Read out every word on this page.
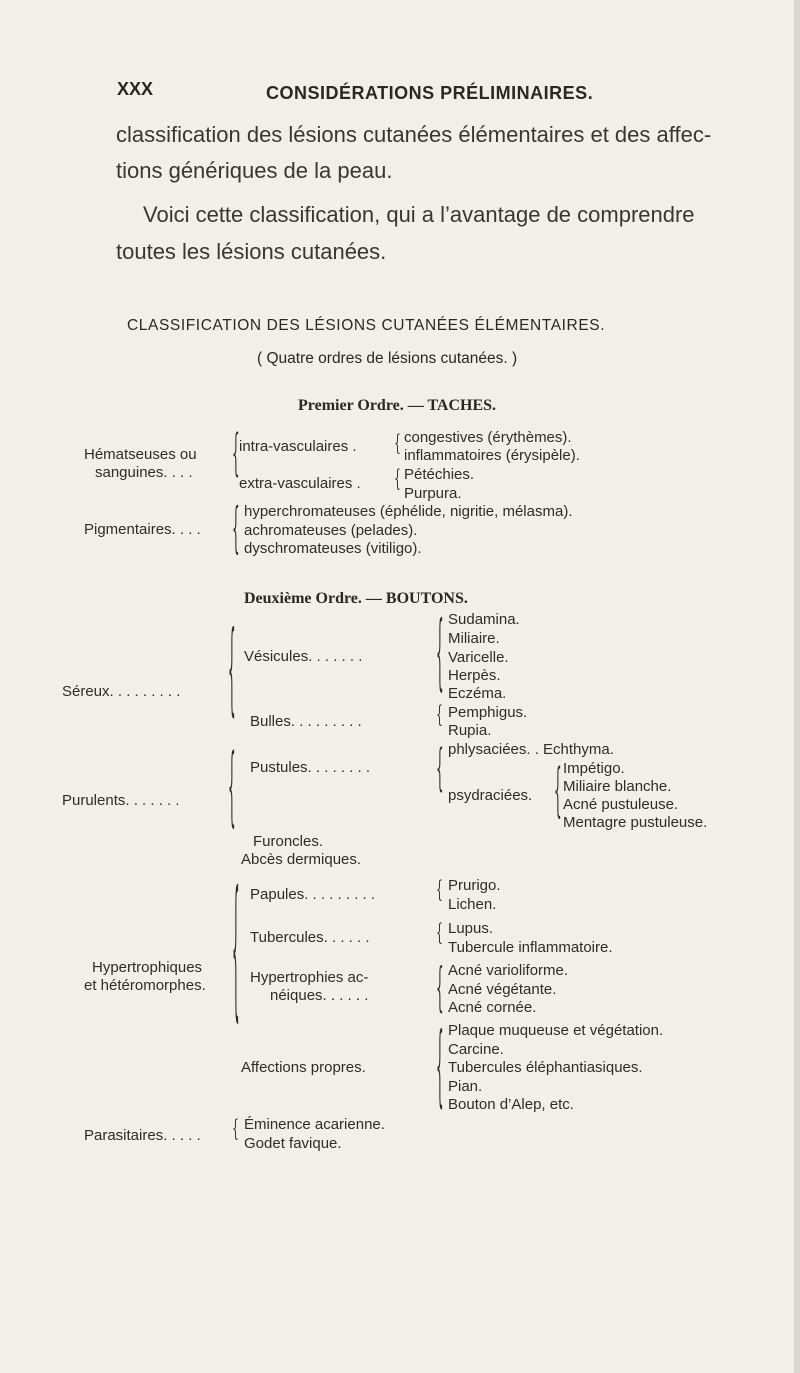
XXX	CONSIDÉRATIONS PRÉLIMINAIRES.
classification des lésions cutanées élémentaires et des affec-
tions génériques de la peau.
Voici cette classification, qui a l’avantage de comprendre
toutes les lésions cutanées.
CLASSIFICATION DES LÉSIONS CUTANÉES ÉLÉMENTAIRES.
( Quatre ordres de lésions cutanées. )
Premier Ordre. — TACHES.
Hématseuses ou
sanguines. . . . { intra-vasculaires . { congestives (érythèmes).
inflammatoires (érysipèle).
extra-vasculaires . { Pétéchies.
Purpura.
Pigmentaires. . . . { hyperchromateuses (éphélide, nigritie, mélasma).
achromateuses (pelades).
dyschromateuses (vitiligo).
Deuxième Ordre. — BOUTONS.
Séreux. . . . . . . . . { Vésicules. . . . . . .	{ Sudamina.
Miliaire.
Varicelle.
Herpès.
Eczéma.
Bulles. . . . . . . . .	{ Pemphigus.
Rupia.
Purulents. . . . . . . { Pustules. . . . . . . .	{ phlysaciées. . Echthyma.
psydraciées. { Impétigo.
Miliaire blanche.
Acné pustuleuse.
Mentagre pustuleuse.
Furoncles.
Abcès dermiques.
Hypertrophiques
et hétéromorphes. { Papules. . . . . . . . .	{ Prurigo.
Lichen.
Tubercules. . . . . .	{ Lupus.
Tubercule inflammatoire.
Hypertrophies ac-
néiques. . . . . .	{ Acné varioliforme.
Acné végétante.
Acné cornée.
Affections propres.	{ Plaque muqueuse et végétation.
Carcine.
Tubercules éléphantiasiques.
Pian.
Bouton d’Alep, etc.
Parasitaires. . . . . { Éminence acarienne.
Godet favique.
